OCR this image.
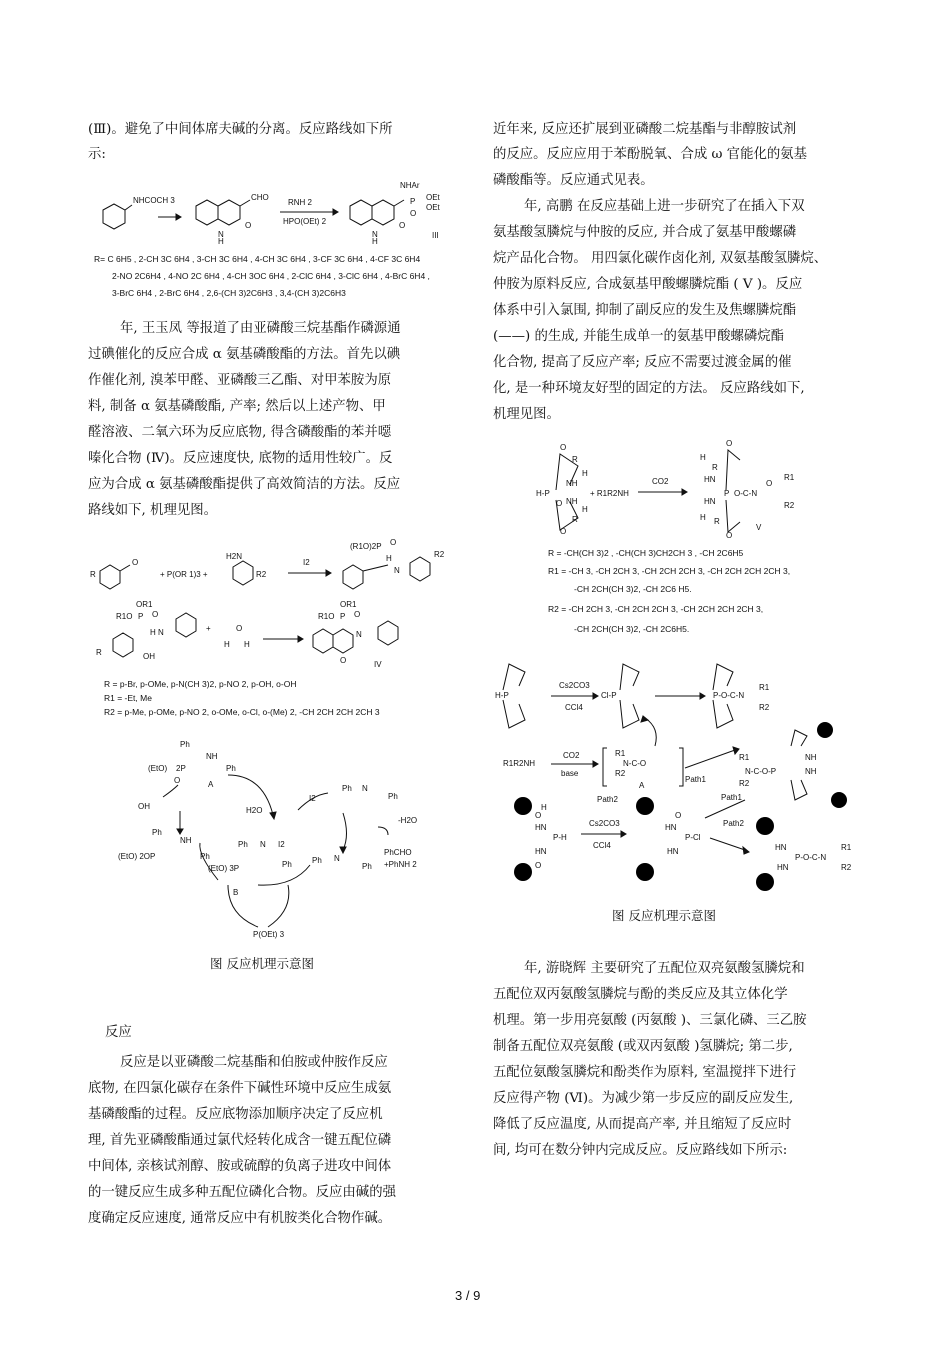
(Ⅲ)。避免了中间体席夫碱的分离。反应路线如下所
示:
NHCOCH 3	CHO
N
H
O
RNH 2
HPO(OEt) 2
NHAr
P OEt
OEt
O
N
H
O
III
R= C 6H5 , 2-CH 3C 6H4 , 3-CH 3C 6H4 , 4-CH 3C 6H4 , 3-CF 3C 6H4 , 4-CF 3C 6H4
2-NO 2C6H4 , 4-NO 2C 6H4 , 4-CH 3OC 6H4 , 2-ClC 6H4 , 3-ClC 6H4 , 4-BrC 6H4 ,
3-BrC 6H4 , 2-BrC 6H4 , 2,6-(CH 3)2C6H3 , 3,4-(CH 3)2C6H3
年, 王玉凤 等报道了由亚磷酸三烷基酯作磷源通
过碘催化的反应合成 α 氨基磷酸酯的方法。首先以碘
作催化剂, 溴苯甲醛、亚磷酸三乙酯、对甲苯胺为原
料, 制备 α 氨基磷酸酯, 产率; 然后以上述产物、甲
醛溶液、二氧六环为反应底物, 得含磷酸酯的苯并噁
嗪化合物 (Ⅳ)。反应速度快, 底物的适用性较广。反
应为合成 α 氨基磷酸酯提供了高效简洁的方法。反应
路线如下, 机理见图。
R
O
+ P(OR 1)3 +
H2N
R2
I2
(R1O)2P O
R2
H
N
OR1
R1O P O
H N
R	OH
+	O
H H
OR1
R1O P O
N
O	IV
R = p-Br, p-OMe, p-N(CH 3)2, p-NO 2, p-OH, o-OH
R1 = -Et, Me
R2 = p-Me, p-OMe, p-NO 2, o-OMe, o-Cl, o-(Me) 2, -CH 2CH 2CH 2CH 3
Ph
NH
(EtO) 2P	Ph
O	A
OH	H2O
I2
Ph N
Ph
-H2O
Ph
NH
(EtO) 2OP	Ph
Ph N I2
(EtO) 3P	Ph
B
Ph N
Ph
PhCHO
+PhNH 2
P(OEt) 3
图 反应机理示意图
反应
反应是以亚磷酸二烷基酯和伯胺或仲胺作反应
底物, 在四氯化碳存在条件下碱性环境中反应生成氨
基磷酸酯的过程。反应底物添加顺序决定了反应机
理, 首先亚磷酸酯通过氯代烃转化成含一键五配位磷
中间体, 亲核试剂醇、胺或硫醇的负离子进攻中间体
的一键反应生成多种五配位磷化合物。反应由碱的强
度确定反应速度, 通常反应中有机胺类化合物作碱。
近年来, 反应还扩展到亚磷酸二烷基酯与非醇胺试剂
的反应。反应应用于苯酚脱氧、合成 ω 官能化的氨基
磷酸酯等。反应通式见表。
年, 高鹏 在反应基础上进一步研究了在插入下双
氨基酸氢膦烷与仲胺的反应, 并合成了氨基甲酸螺磷
烷产品化合物。 用四氯化碳作卤化剂, 双氨基酸氢膦烷、
仲胺为原料反应, 合成氨基甲酸螺膦烷酯 ( V )。反应
体系中引入氯围, 抑制了副反应的发生及焦螺膦烷酯
(——) 的生成, 并能生成单一的氨基甲酸螺磷烷酯
化合物, 提高了反应产率; 反应不需要过渡金属的催
化, 是一种环境友好型的固定的方法。 反应路线如下,
机理见图。
O
R
H
NH
H-P
NH
O
H
R
O
+ R1R2NH
CO2
O
H
R
HN
P O-C-N
R1
HN
O
R2
H R
O
V
R = -CH(CH 3)2 , -CH(CH 3)CH2CH 3 , -CH 2C6H5
R1 = -CH 3, -CH 2CH 3, -CH 2CH 2CH 3, -CH 2CH 2CH 2CH 3,
-CH 2CH(CH 3)2, -CH 2C6 H5.
R2 = -CH 2CH 3, -CH 2CH 2CH 3, -CH 2CH 2CH 2CH 3,
-CH 2CH(CH 3)2, -CH 2C6H5.
H-P
Cs2CO3
CCl4
Cl-P	P-O-C-N
R1
R2
R1R2NH
CO2
base
R1
N-C-O
R2
A
Path1
Path2	Path1
Path2
R1
N-C-O-P
R2
HN
P-H
HN
Cs2CO3
CCl4
HN
P-Cl
HN	HN
P-O-C-N
R1
R2
HN
NH
NH
O
O
O
H
图 反应机理示意图
年, 游晓辉 主要研究了五配位双亮氨酸氢膦烷和
五配位双丙氨酸氢膦烷与酚的类反应及其立体化学
机理。第一步用亮氨酸 (丙氨酸 )、三氯化磷、三乙胺
制备五配位双亮氨酸 (或双丙氨酸 )氢膦烷; 第二步,
五配位氨酸氢膦烷和酚类作为原料, 室温搅拌下进行
反应得产物 (Ⅵ)。为减少第一步反应的副反应发生,
降低了反应温度, 从而提高产率, 并且缩短了反应时
间, 均可在数分钟内完成反应。反应路线如下所示:
3 / 9
